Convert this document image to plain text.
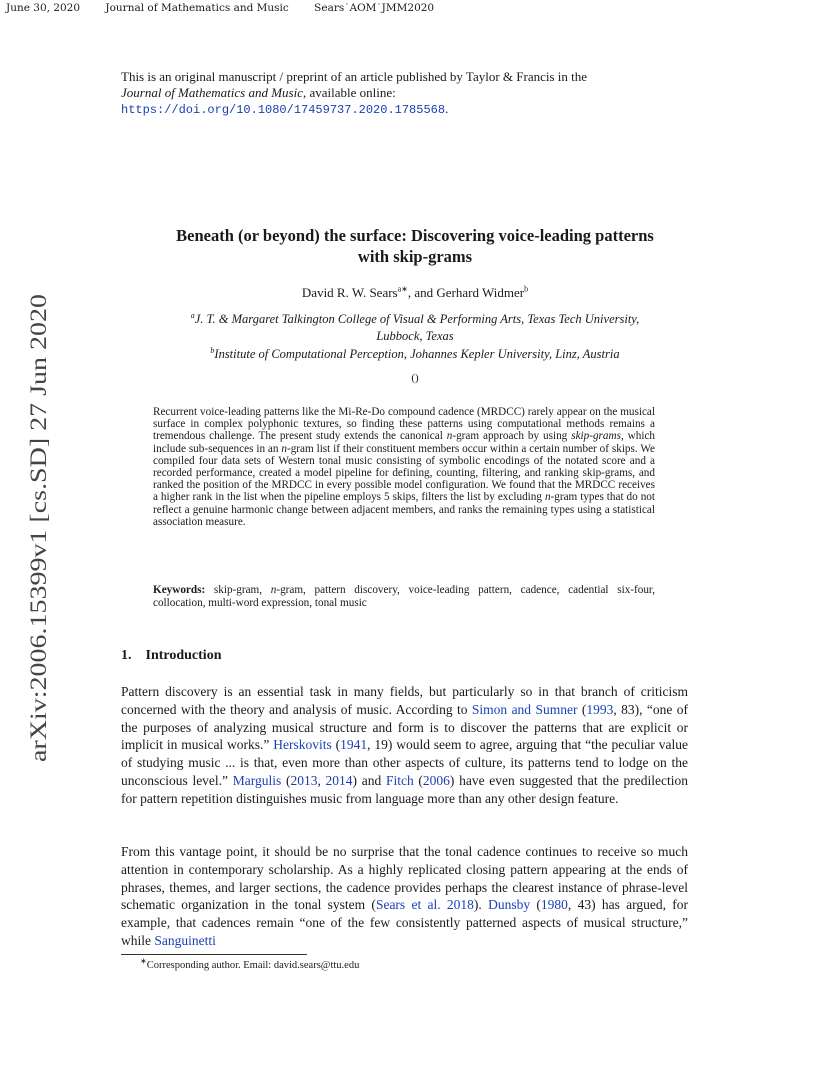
June 30, 2020 Journal of Mathematics and Music Sears˙AOM˙JMM2020
arXiv:2006.15399v1 [cs.SD] 27 Jun 2020
This is an original manuscript / preprint of an article published by Taylor & Francis in the
Journal of Mathematics and Music, available online:
https://doi.org/10.1080/17459737.2020.1785568.
Beneath (or beyond) the surface: Discovering voice-leading patterns
with skip-grams
David R. W. Sears$^{a∗}$, and Gerhard Widmer$^b$
$^a$J. T. & Margaret Talkington College of Visual & Performing Arts, Texas Tech University,
Lubbock, Texas
$^b$Institute of Computational Perception, Johannes Kepler University, Linz, Austria
()
Recurrent voice-leading patterns like the Mi-Re-Do compound cadence (MRDCC) rarely appear on the musical surface in complex polyphonic textures, so finding these patterns using computational methods remains a tremendous challenge. The present study extends the canonical n-gram approach by using skip-grams, which include sub-sequences in an n-gram list if their constituent members occur within a certain number of skips. We compiled four data sets of Western tonal music consisting of symbolic encodings of the notated score and a recorded performance, created a model pipeline for defining, counting, filtering, and ranking skip-grams, and ranked the position of the MRDCC in every possible model configuration. We found that the MRDCC receives a higher rank in the list when the pipeline employs 5 skips, filters the list by excluding n-gram types that do not reflect a genuine harmonic change between adjacent members, and ranks the remaining types using a statistical association measure.
Keywords: skip-gram, n-gram, pattern discovery, voice-leading pattern, cadence, cadential six-four, collocation, multi-word expression, tonal music
1. Introduction
Pattern discovery is an essential task in many fields, but particularly so in that branch of criticism concerned with the theory and analysis of music. According to Simon and Sumner (1993, 83), “one of the purposes of analyzing musical structure and form is to discover the patterns that are explicit or implicit in musical works.” Herskovits (1941, 19) would seem to agree, arguing that “the peculiar value of studying music ... is that, even more than other aspects of culture, its patterns tend to lodge on the unconscious level.” Margulis (2013, 2014) and Fitch (2006) have even suggested that the predilection for pattern repetition distinguishes music from language more than any other design feature.
From this vantage point, it should be no surprise that the tonal cadence continues to receive so much attention in contemporary scholarship. As a highly replicated closing pattern appearing at the ends of phrases, themes, and larger sections, the cadence provides perhaps the clearest instance of phrase-level schematic organization in the tonal system (Sears et al. 2018). Dunsby (1980, 43) has argued, for example, that cadences remain “one of the few consistently patterned aspects of musical structure,” while Sanguinetti
∗Corresponding author. Email: david.sears@ttu.edu
